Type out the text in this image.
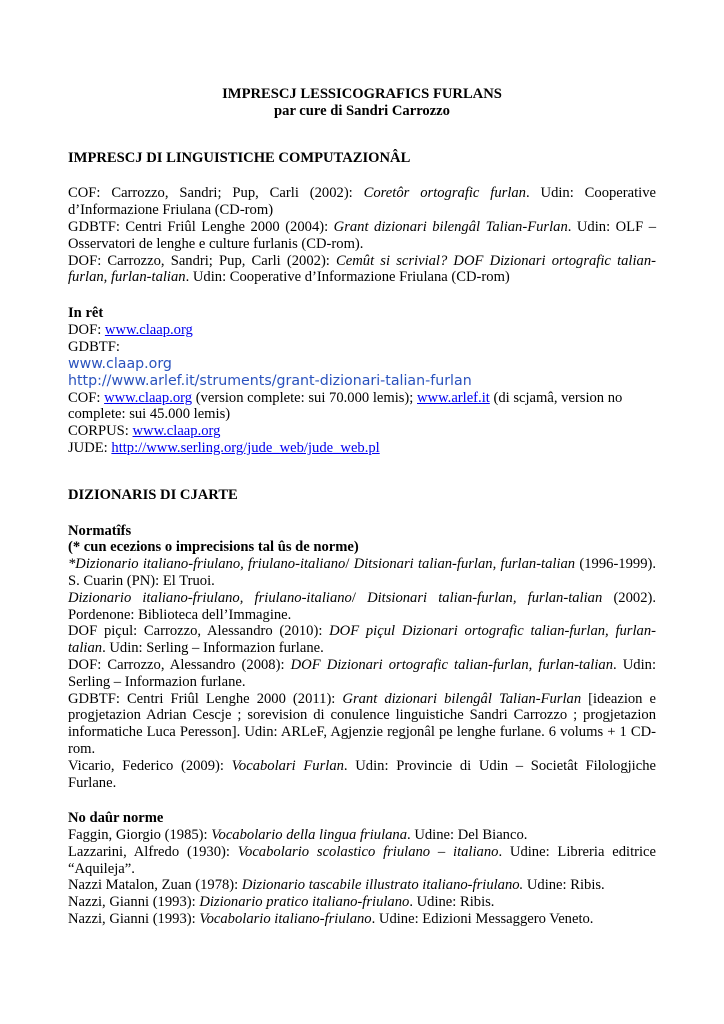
IMPRESCJ LESSICOGRAFICS FURLANS

par cure di Sandri Carrozzo

IMPRESCJ DI LINGUISTICHE COMPUTAZIONÂL

COF: Carrozzo, Sandri; Pup, Carli (2002): Coretôr ortografic furlan. Udin: Cooperative d’Informazione Friulana (CD-rom)

GDBTF: Centri Friûl Lenghe 2000 (2004): Grant dizionari bilengâl Talian-Furlan. Udin: OLF – Osservatori de lenghe e culture furlanis (CD-rom).

DOF: Carrozzo, Sandri; Pup, Carli (2002): Cemût si scrivial? DOF Dizionari ortografic talian-furlan, furlan-talian. Udin: Cooperative d’Informazione Friulana (CD-rom)

In rêt

DOF: www.claap.org

GDBTF:

www.claap.org
http://www.arlef.it/struments/grant-dizionari-talian-furlan

COF: www.claap.org (version complete: sui 70.000 lemis); www.arlef.it (di scjamâ, version no complete: sui 45.000 lemis)

CORPUS: www.claap.org

JUDE: http://www.serling.org/jude_web/jude_web.pl

DIZIONARIS DI CJARTE

Normatîfs

(* cun ecezions o imprecisions tal ûs de norme)

*Dizionario italiano-friulano, friulano-italiano/ Ditsionari talian-furlan, furlan-talian (1996-1999). S. Cuarin (PN): El Truoi.

Dizionario italiano-friulano, friulano-italiano/ Ditsionari talian-furlan, furlan-talian (2002). Pordenone: Biblioteca dell’Immagine.

DOF piçul: Carrozzo, Alessandro (2010): DOF piçul Dizionari ortografic talian-furlan, furlan-talian. Udin: Serling – Informazion furlane.

DOF: Carrozzo, Alessandro (2008): DOF Dizionari ortografic talian-furlan, furlan-talian. Udin: Serling – Informazion furlane.

GDBTF: Centri Friûl Lenghe 2000 (2011): Grant dizionari bilengâl Talian-Furlan [ideazion e progjetazion Adrian Cescje ; sorevision di conulence linguistiche Sandri Carrozzo ; progjetazion informatiche Luca Peresson]. Udin: ARLeF, Agjenzie regjonâl pe lenghe furlane. 6 volums + 1 CD-rom.

Vicario, Federico (2009): Vocabolari Furlan. Udin: Provincie di Udin – Societât Filologjiche Furlane.

No daûr norme

Faggin, Giorgio (1985): Vocabolario della lingua friulana. Udine: Del Bianco.

Lazzarini, Alfredo (1930): Vocabolario scolastico friulano – italiano. Udine: Libreria editrice “Aquileja”.

Nazzi Matalon, Zuan (1978): Dizionario tascabile illustrato italiano-friulano. Udine: Ribis.

Nazzi, Gianni (1993): Dizionario pratico italiano-friulano. Udine: Ribis.

Nazzi, Gianni (1993): Vocabolario italiano-friulano. Udine: Edizioni Messaggero Veneto.
